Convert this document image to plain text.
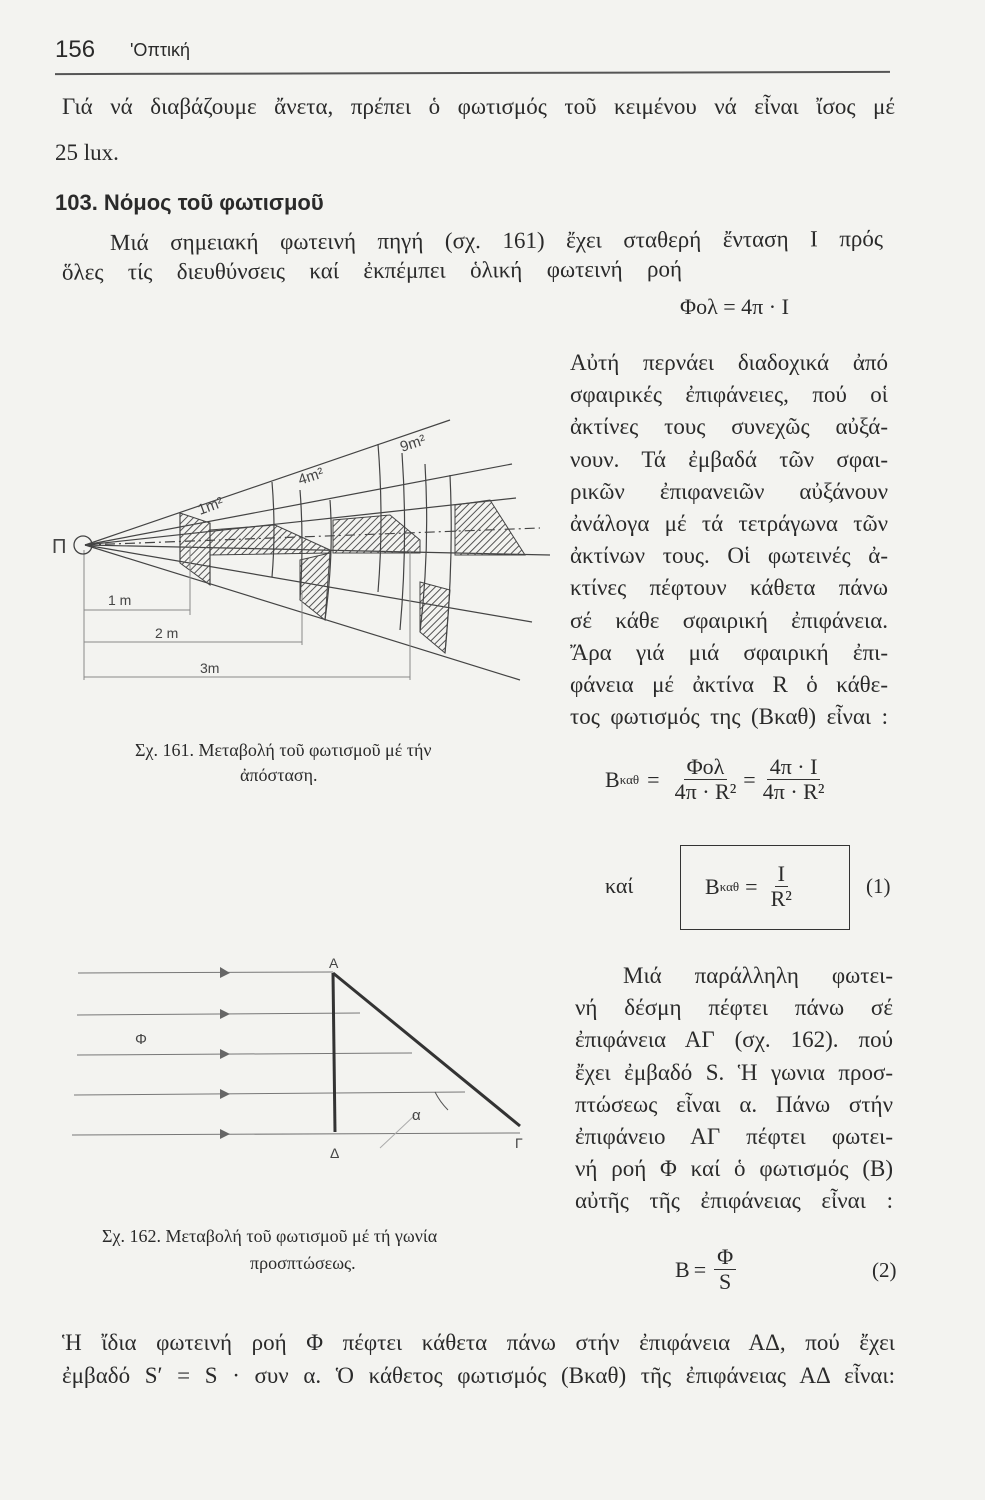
156 'Οπτική
Γιά νά διαβάζουμε ἄνετα, πρέπει ὁ φωτισμός τοῦ κειμένου νά εἶναι ἴσος μέ
25 lux.
103. Νόμος τοῦ φωτισμοῦ
Μιά σημειακή φωτεινή πηγή (σχ. 161) ἔχει σταθερή ἔνταση I πρός
ὅλες τίς διευθύνσεις καί ἐκπέμπει ὁλική φωτεινή ροή
Φολ = 4π · I
Αὐτή περνάει διαδοχικά ἀπό
σφαιρικές ἐπιφάνειες, πού οἱ
ἀκτίνες τους συνεχῶς αὐξά-
νουν. Τά ἐμβαδά τῶν σφαι-
ρικῶν ἐπιφανειῶν αὐξάνουν
ἀνάλογα μέ τά τετράγωνα τῶν
ἀκτίνων τους. Οἱ φωτεινές ἀ-
κτίνες πέφτουν κάθετα πάνω
σέ κάθε σφαιρική ἐπιφάνεια.
Ἄρα γιά μιά σφαιρική ἐπι-
φάνεια μέ ἀκτίνα R ὁ κάθε-
τος φωτισμός της (Bκαθ) εἶναι :
B $\kappa\alpha\theta = \frac{\text{Φολ}}{\text{4π · R²}} = \frac{4\pi \cdot I}{\text{4π · R²}}$
καί	B $\kappa\alpha\theta = \frac{I}{\text{R²}}$	(1)
Μιά παράλληλη φωτει-
νή δέσμη πέφτει πάνω σέ
ἐπιφάνεια ΑΓ (σχ. 162). πού
ἔχει ἐμβαδό S. Ἡ γωνια προσ-
πτώσεως εἶναι α. Πάνω στήν
ἐπιφάνειο ΑΓ πέφτει φωτει-
νή ροή Φ καί ὁ φωτισμός (B)
αὐτῆς τῆς ἐπιφάνειας εἶναι :
$B = \frac{\Phi}{S}$	(2)
Π
1m²
4m²
9m²
1 m
2 m
3m
Σχ. 161. Μεταβολή τοῦ φωτισμοῦ μέ τήν
ἀπόσταση.
Α
Δ
Γ
Φ
α
Σχ. 162. Μεταβολή τοῦ φωτισμοῦ μέ τή γωνία
προσπτώσεως.
Ἡ ἴδια φωτεινή ροή Φ πέφτει κάθετα πάνω στήν ἐπιφάνεια ΑΔ, πού ἔχει
ἐμβαδό S′ = S · συν α. Ὁ κάθετος φωτισμός (Bκαθ) τῆς ἐπιφάνειας ΑΔ εἶναι:
